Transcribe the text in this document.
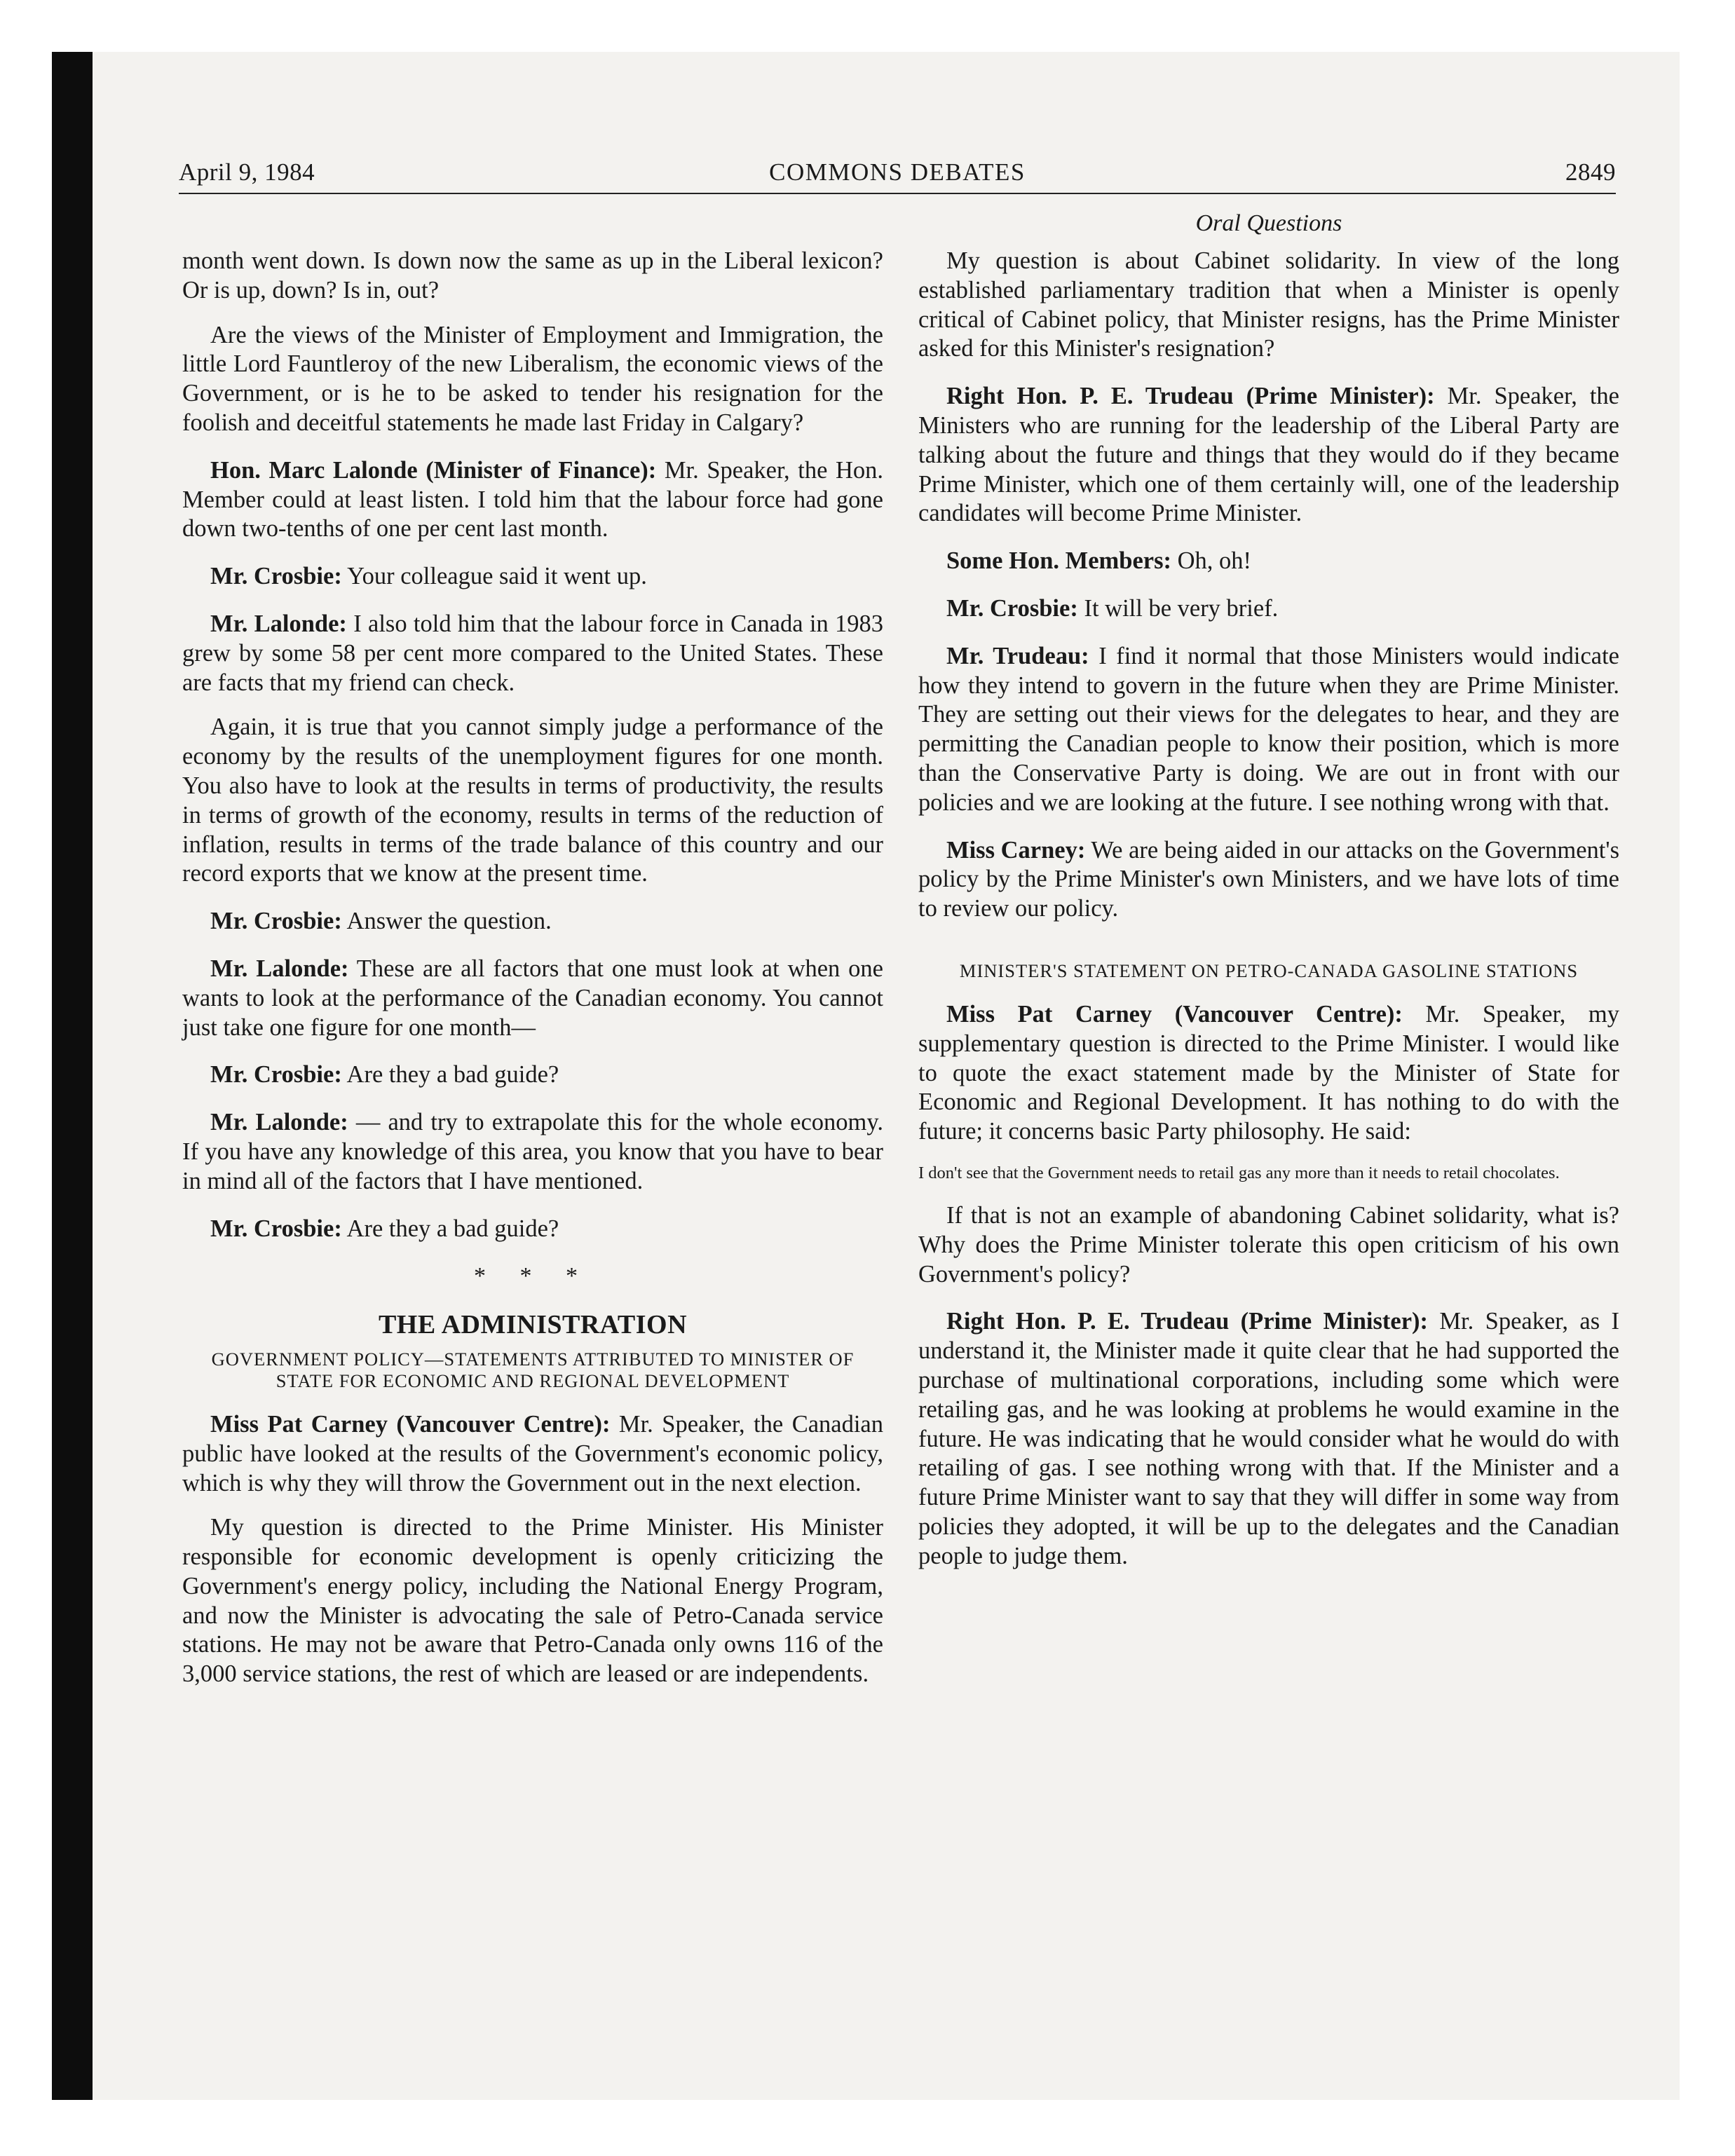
April 9, 1984	COMMONS DEBATES	2849
Oral Questions

month went down. Is down now the same as up in the Liberal lexicon? Or is up, down? Is in, out?

Are the views of the Minister of Employment and Immigration, the little Lord Fauntleroy of the new Liberalism, the economic views of the Government, or is he to be asked to tender his resignation for the foolish and deceitful statements he made last Friday in Calgary?

Hon. Marc Lalonde (Minister of Finance): Mr. Speaker, the Hon. Member could at least listen. I told him that the labour force had gone down two-tenths of one per cent last month.

Mr. Crosbie: Your colleague said it went up.

Mr. Lalonde: I also told him that the labour force in Canada in 1983 grew by some 58 per cent more compared to the United States. These are facts that my friend can check.

Again, it is true that you cannot simply judge a performance of the economy by the results of the unemployment figures for one month. You also have to look at the results in terms of productivity, the results in terms of growth of the economy, results in terms of the reduction of inflation, results in terms of the trade balance of this country and our record exports that we know at the present time.

Mr. Crosbie: Answer the question.

Mr. Lalonde: These are all factors that one must look at when one wants to look at the performance of the Canadian economy. You cannot just take one figure for one month—

Mr. Crosbie: Are they a bad guide?

Mr. Lalonde: — and try to extrapolate this for the whole economy. If you have any knowledge of this area, you know that you have to bear in mind all of the factors that I have mentioned.

Mr. Crosbie: Are they a bad guide?

* * *
THE ADMINISTRATION
GOVERNMENT POLICY—STATEMENTS ATTRIBUTED TO MINISTER OF STATE FOR ECONOMIC AND REGIONAL DEVELOPMENT

Miss Pat Carney (Vancouver Centre): Mr. Speaker, the Canadian public have looked at the results of the Government's economic policy, which is why they will throw the Government out in the next election.

My question is directed to the Prime Minister. His Minister responsible for economic development is openly criticizing the Government's energy policy, including the National Energy Program, and now the Minister is advocating the sale of Petro-Canada service stations. He may not be aware that Petro-Canada only owns 116 of the 3,000 service stations, the rest of which are leased or are independents.

My question is about Cabinet solidarity. In view of the long established parliamentary tradition that when a Minister is openly critical of Cabinet policy, that Minister resigns, has the Prime Minister asked for this Minister's resignation?

Right Hon. P. E. Trudeau (Prime Minister): Mr. Speaker, the Ministers who are running for the leadership of the Liberal Party are talking about the future and things that they would do if they became Prime Minister, which one of them certainly will, one of the leadership candidates will become Prime Minister.

Some Hon. Members: Oh, oh!

Mr. Crosbie: It will be very brief.

Mr. Trudeau: I find it normal that those Ministers would indicate how they intend to govern in the future when they are Prime Minister. They are setting out their views for the delegates to hear, and they are permitting the Canadian people to know their position, which is more than the Conservative Party is doing. We are out in front with our policies and we are looking at the future. I see nothing wrong with that.

Miss Carney: We are being aided in our attacks on the Government's policy by the Prime Minister's own Ministers, and we have lots of time to review our policy.

MINISTER'S STATEMENT ON PETRO-CANADA GASOLINE STATIONS

Miss Pat Carney (Vancouver Centre): Mr. Speaker, my supplementary question is directed to the Prime Minister. I would like to quote the exact statement made by the Minister of State for Economic and Regional Development. It has nothing to do with the future; it concerns basic Party philosophy. He said:

I don't see that the Government needs to retail gas any more than it needs to retail chocolates.

If that is not an example of abandoning Cabinet solidarity, what is? Why does the Prime Minister tolerate this open criticism of his own Government's policy?

Right Hon. P. E. Trudeau (Prime Minister): Mr. Speaker, as I understand it, the Minister made it quite clear that he had supported the purchase of multinational corporations, including some which were retailing gas, and he was looking at problems he would examine in the future. He was indicating that he would consider what he would do with retailing of gas. I see nothing wrong with that. If the Minister and a future Prime Minister want to say that they will differ in some way from policies they adopted, it will be up to the delegates and the Canadian people to judge them.
